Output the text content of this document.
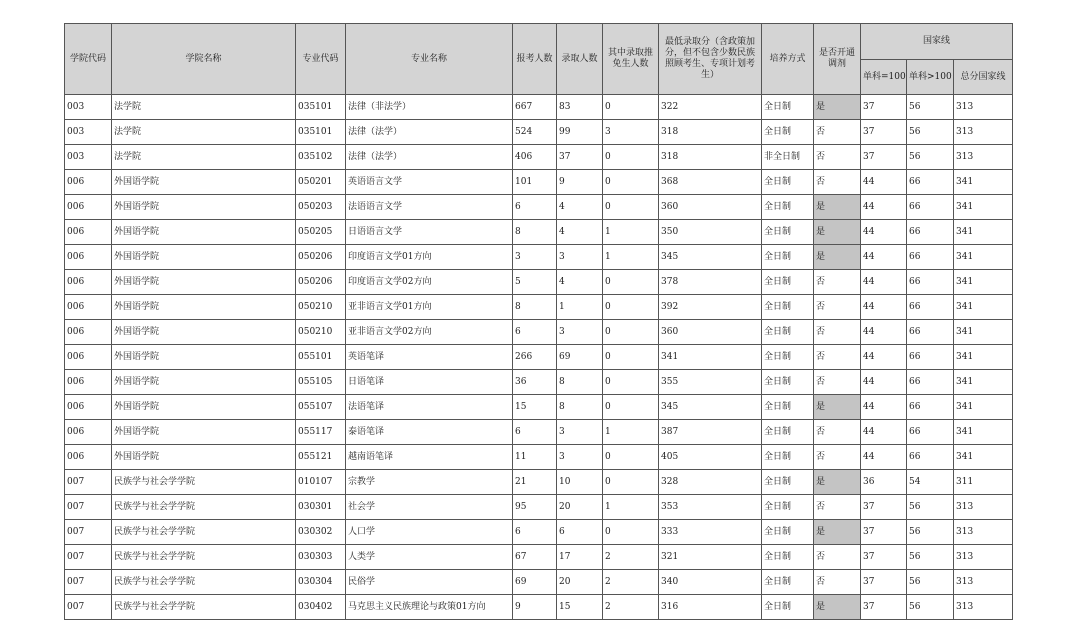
学院代码	学院名称	专业代码	专业名称	报考人数	录取人数	其中录取推免生人数	最低录取分（含政策加分，但不包含少数民族照顾考生、专项计划考生）	培养方式	是否开通调剂	国家线		
										单科=100	单科>100	总分国家线
003	法学院	035101	法律（非法学）	667	83	0	322	全日制	是	37	56	313
003	法学院	035101	法律（法学）	524	99	3	318	全日制	否	37	56	313
003	法学院	035102	法律（法学）	406	37	0	318	非全日制	否	37	56	313
006	外国语学院	050201	英语语言文学	101	9	0	368	全日制	否	44	66	341
006	外国语学院	050203	法语语言文学	6	4	0	360	全日制	是	44	66	341
006	外国语学院	050205	日语语言文学	8	4	1	350	全日制	是	44	66	341
006	外国语学院	050206	印度语言文学01方向	3	3	1	345	全日制	是	44	66	341
006	外国语学院	050206	印度语言文学02方向	5	4	0	378	全日制	否	44	66	341
006	外国语学院	050210	亚非语言文学01方向	8	1	0	392	全日制	否	44	66	341
006	外国语学院	050210	亚非语言文学02方向	6	3	0	360	全日制	否	44	66	341
006	外国语学院	055101	英语笔译	266	69	0	341	全日制	否	44	66	341
006	外国语学院	055105	日语笔译	36	8	0	355	全日制	否	44	66	341
006	外国语学院	055107	法语笔译	15	8	0	345	全日制	是	44	66	341
006	外国语学院	055117	泰语笔译	6	3	1	387	全日制	否	44	66	341
006	外国语学院	055121	越南语笔译	11	3	0	405	全日制	否	44	66	341
007	民族学与社会学学院	010107	宗教学	21	10	0	328	全日制	是	36	54	311
007	民族学与社会学学院	030301	社会学	95	20	1	353	全日制	否	37	56	313
007	民族学与社会学学院	030302	人口学	6	6	0	333	全日制	是	37	56	313
007	民族学与社会学学院	030303	人类学	67	17	2	321	全日制	否	37	56	313
007	民族学与社会学学院	030304	民俗学	69	20	2	340	全日制	否	37	56	313
007	民族学与社会学学院	030402	马克思主义民族理论与政策01方向	9	15	2	316	全日制	是	37	56	313
